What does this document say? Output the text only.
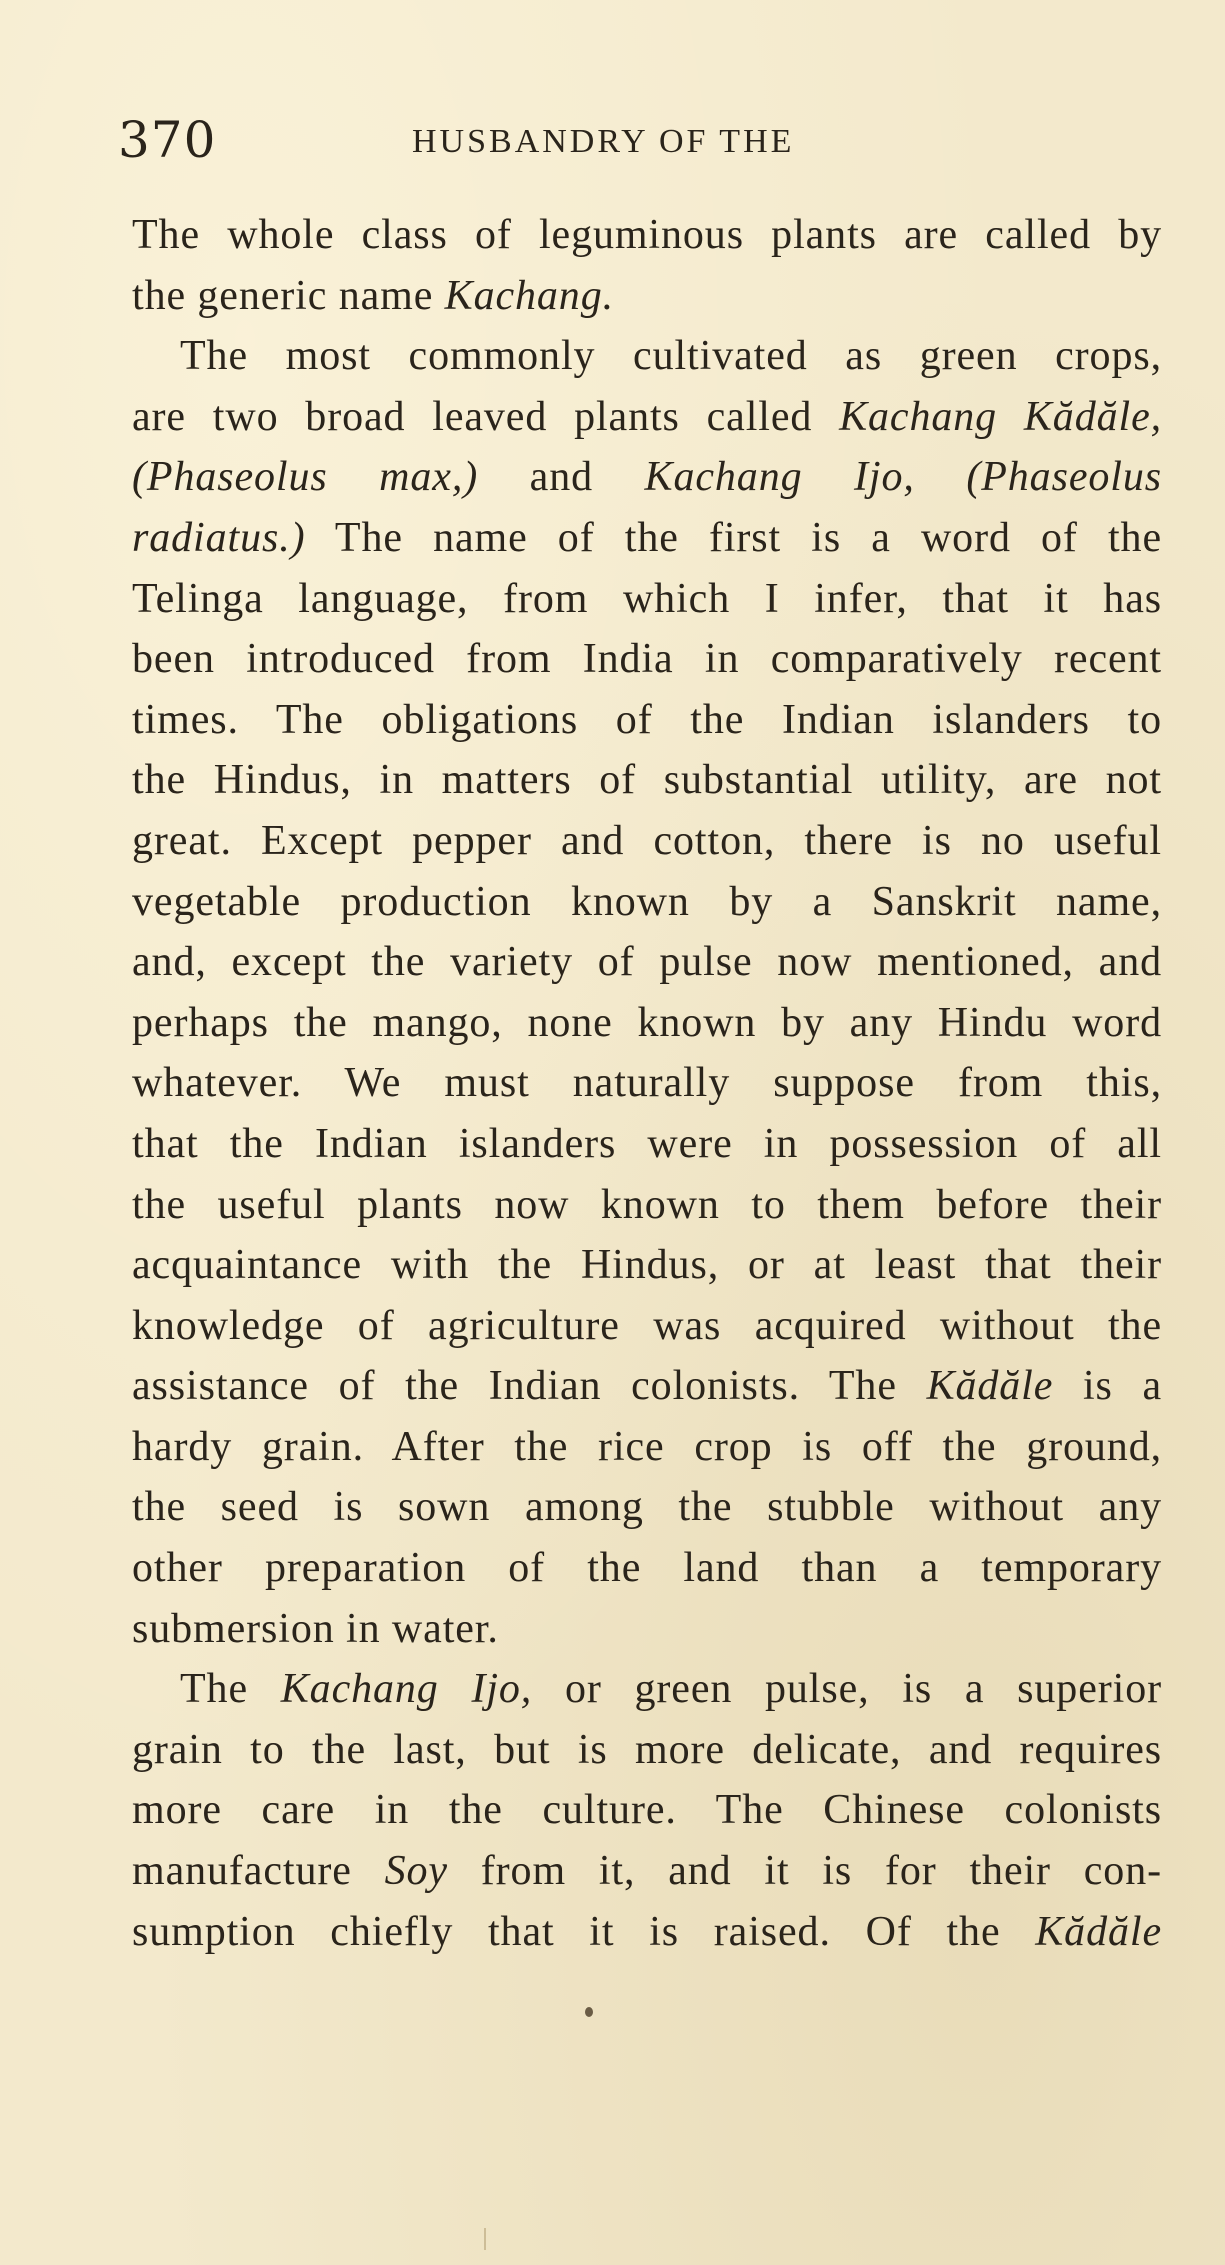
370	HUSBANDRY OF THE
The whole class of leguminous plants are called by
the generic name Kachang.
The most commonly cultivated as green crops,
are two broad leaved plants called Kachang Kădăle,
(Phaseolus max,) and Kachang Ijo, (Phaseolus
radiatus.) The name of the first is a word of the
Telinga language, from which I infer, that it has
been introduced from India in comparatively recent
times. The obligations of the Indian islanders to
the Hindus, in matters of substantial utility, are not
great. Except pepper and cotton, there is no useful
vegetable production known by a Sanskrit name,
and, except the variety of pulse now mentioned, and
perhaps the mango, none known by any Hindu word
whatever. We must naturally suppose from this,
that the Indian islanders were in possession of all
the useful plants now known to them before their
acquaintance with the Hindus, or at least that their
knowledge of agriculture was acquired without the
assistance of the Indian colonists. The Kădăle is a
hardy grain. After the rice crop is off the ground,
the seed is sown among the stubble without any
other preparation of the land than a temporary
submersion in water.
The Kachang Ijo, or green pulse, is a superior
grain to the last, but is more delicate, and requires
more care in the culture. The Chinese colonists
manufacture Soy from it, and it is for their con-
sumption chiefly that it is raised. Of the Kădăle
